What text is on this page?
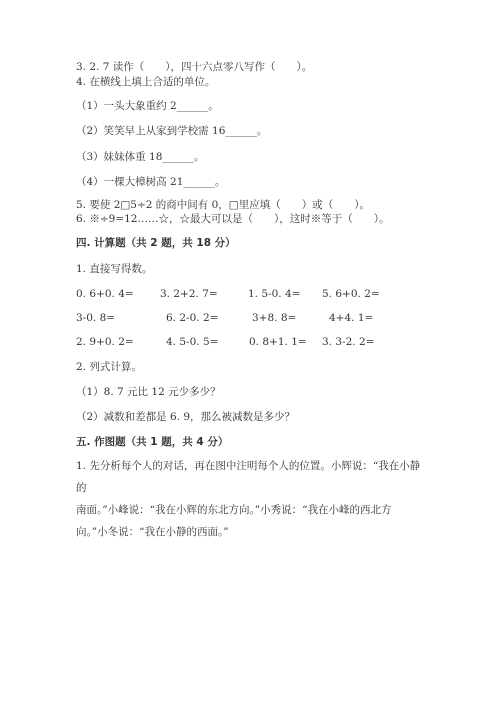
3. 2. 7 读作（　　），四十六点零八写作（　　）。
4. 在横线上填上合适的单位。
（1）一头大象重约 2______。
（2）笑笑早上从家到学校需 16______。
（3）妹妹体重 18______。
（4）一棵大樟树高 21______。
5. 要使 2□5÷2 的商中间有 0，□里应填（　　）或（　　）。
6. ※÷9=12……☆，☆最大可以是（　　），这时※等于（　　）。
四. 计算题（共 2 题，共 18 分）
1. 直接写得数。
0. 6+0. 4=	3. 2+2. 7=	1. 5-0. 4= 5. 6+0. 2=
3-0. 8=	6. 2-0. 2=	3+8. 8=	4+4. 1=
2. 9+0. 2=	4. 5-0. 5=	0. 8+1. 1= 3. 3-2. 2=
2. 列式计算。
（1）8. 7 元比 12 元少多少？
（2）减数和差都是 6. 9，那么被减数是多少？
五. 作图题（共 1 题，共 4 分）
1. 先分析每个人的对话，再在图中注明每个人的位置。小辉说：“我在小静的
南面。”小峰说：“我在小辉的东北方向。”小秀说：“我在小峰的西北方
向。”小冬说：“我在小静的西面。”
